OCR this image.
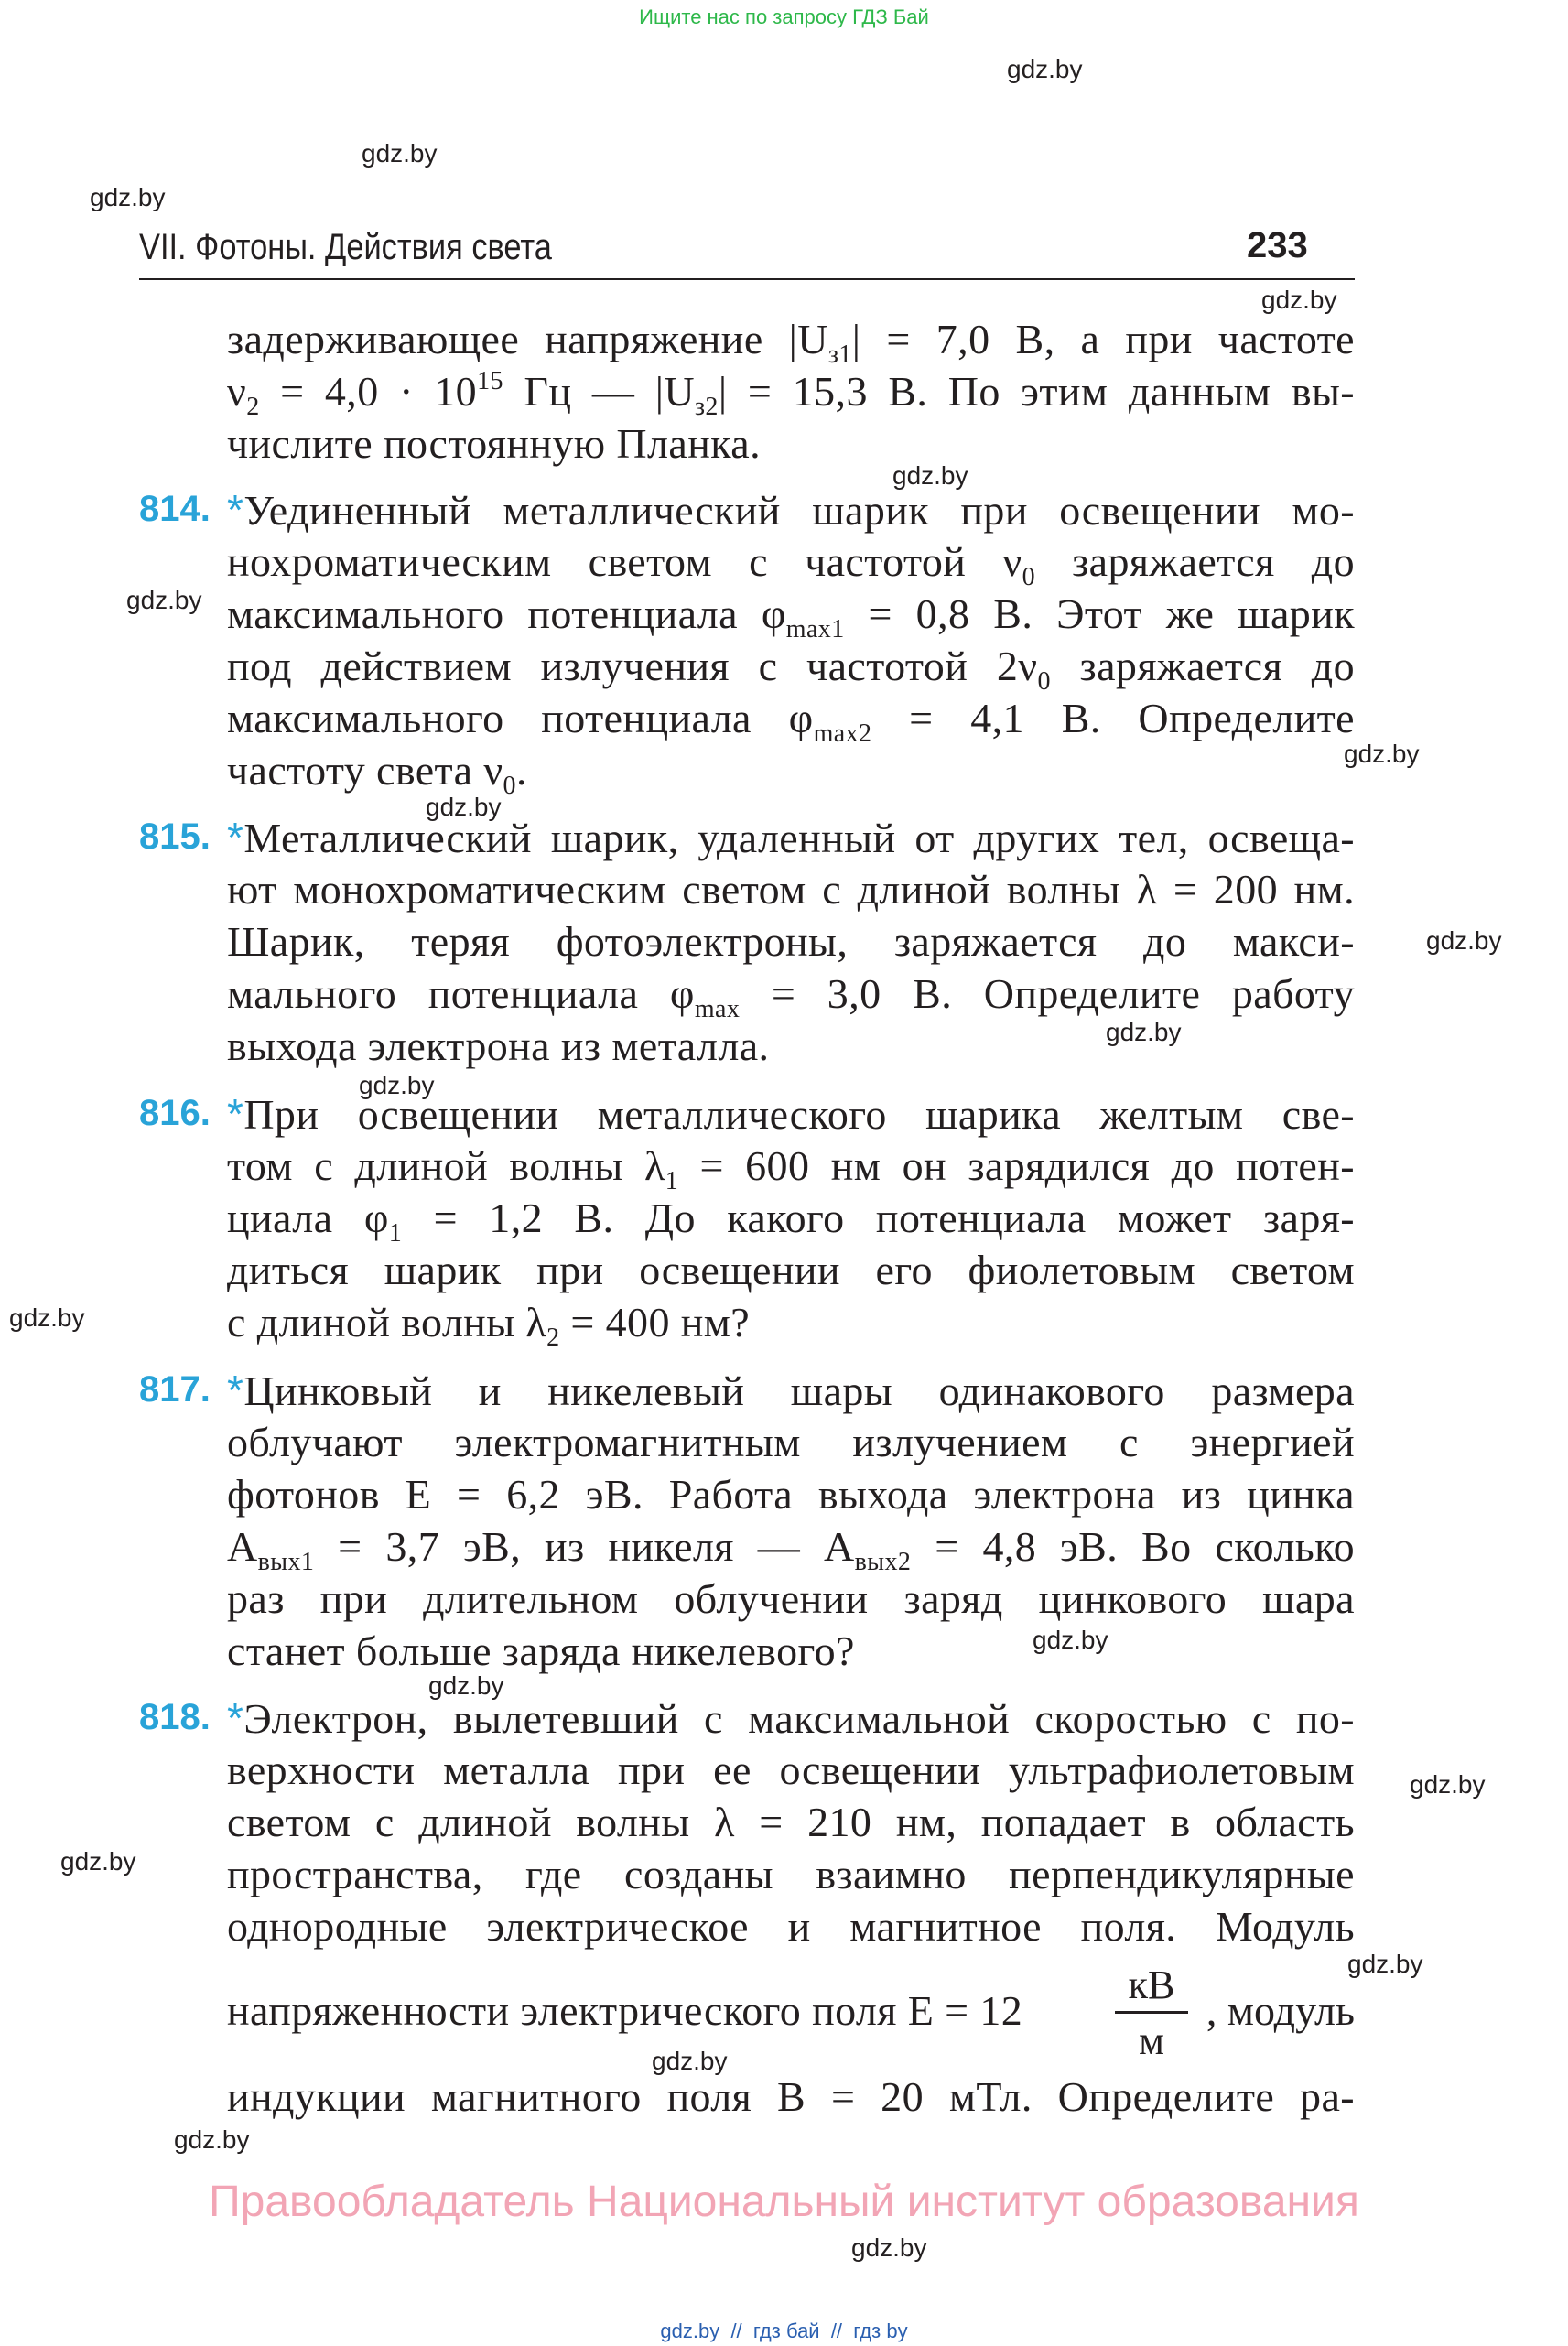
Ищите нас по запросу ГДЗ Бай
gdz.by
gdz.by
gdz.by
gdz.by
gdz.by
gdz.by
gdz.by
gdz.by
gdz.by
gdz.by
gdz.by
gdz.by
gdz.by
gdz.by
gdz.by
gdz.by
gdz.by
gdz.by
gdz.by
gdz.by
VII. Фотоны. Действия света	233
задерживающее напряжение $|U_{з1}| = 7,0$ В, а при частоте
$\nu_2 = 4,0 \cdot 10^{15}$ Гц — $|U_{з2}| = 15,3$ В. По этим данным вы-
числите постоянную Планка.
814. *Уединенный металлический шарик при освещении мо-
нохроматическим светом с частотой $\nu_0$ заряжается до
максимального потенциала $\varphi_{max1} = 0,8$ В. Этот же шарик
под действием излучения с частотой $2\nu_0$ заряжается до
максимального потенциала $\varphi_{max2} = 4,1$ В. Определите
частоту света $\nu_0$.
815. *Металлический шарик, удаленный от других тел, освеща-
ют монохроматическим светом с длиной волны λ = 200 нм.
Шарик, теряя фотоэлектроны, заряжается до макси-
мального потенциала $\varphi_{max} = 3,0$ В. Определите работу
выхода электрона из металла.
816. *При освещении металлического шарика желтым све-
том с длиной волны $\lambda_1 = 600$ нм он зарядился до потен-
циала $\varphi_1 = 1,2$ В. До какого потенциала может заря-
диться шарик при освещении его фиолетовым светом
с длиной волны $\lambda_2 = 400$ нм?
817. *Цинковый и никелевый шары одинакового размера
облучают электромагнитным излучением с энергией
фотонов E = 6,2 эВ. Работа выхода электрона из цинка
$A_{вых1} = 3,7$ эВ, из никеля — $A_{вых2} = 4,8$ эВ. Во сколько
раз при длительном облучении заряд цинкового шара
станет больше заряда никелевого?
818. *Электрон, вылетевший с максимальной скоростью с по-
верхности металла при ее освещении ультрафиолетовым
светом с длиной волны λ = 210 нм, попадает в область
пространства, где созданы взаимно перпендикулярные
однородные электрическое и магнитное поля. Модуль
напряженности электрического поля E = 12
кВ
м
, модуль
индукции магнитного поля B = 20 мТл. Определите ра-
Правообладатель Национальный институт образования
gdz.by  //  гдз бай  //  гдз by
